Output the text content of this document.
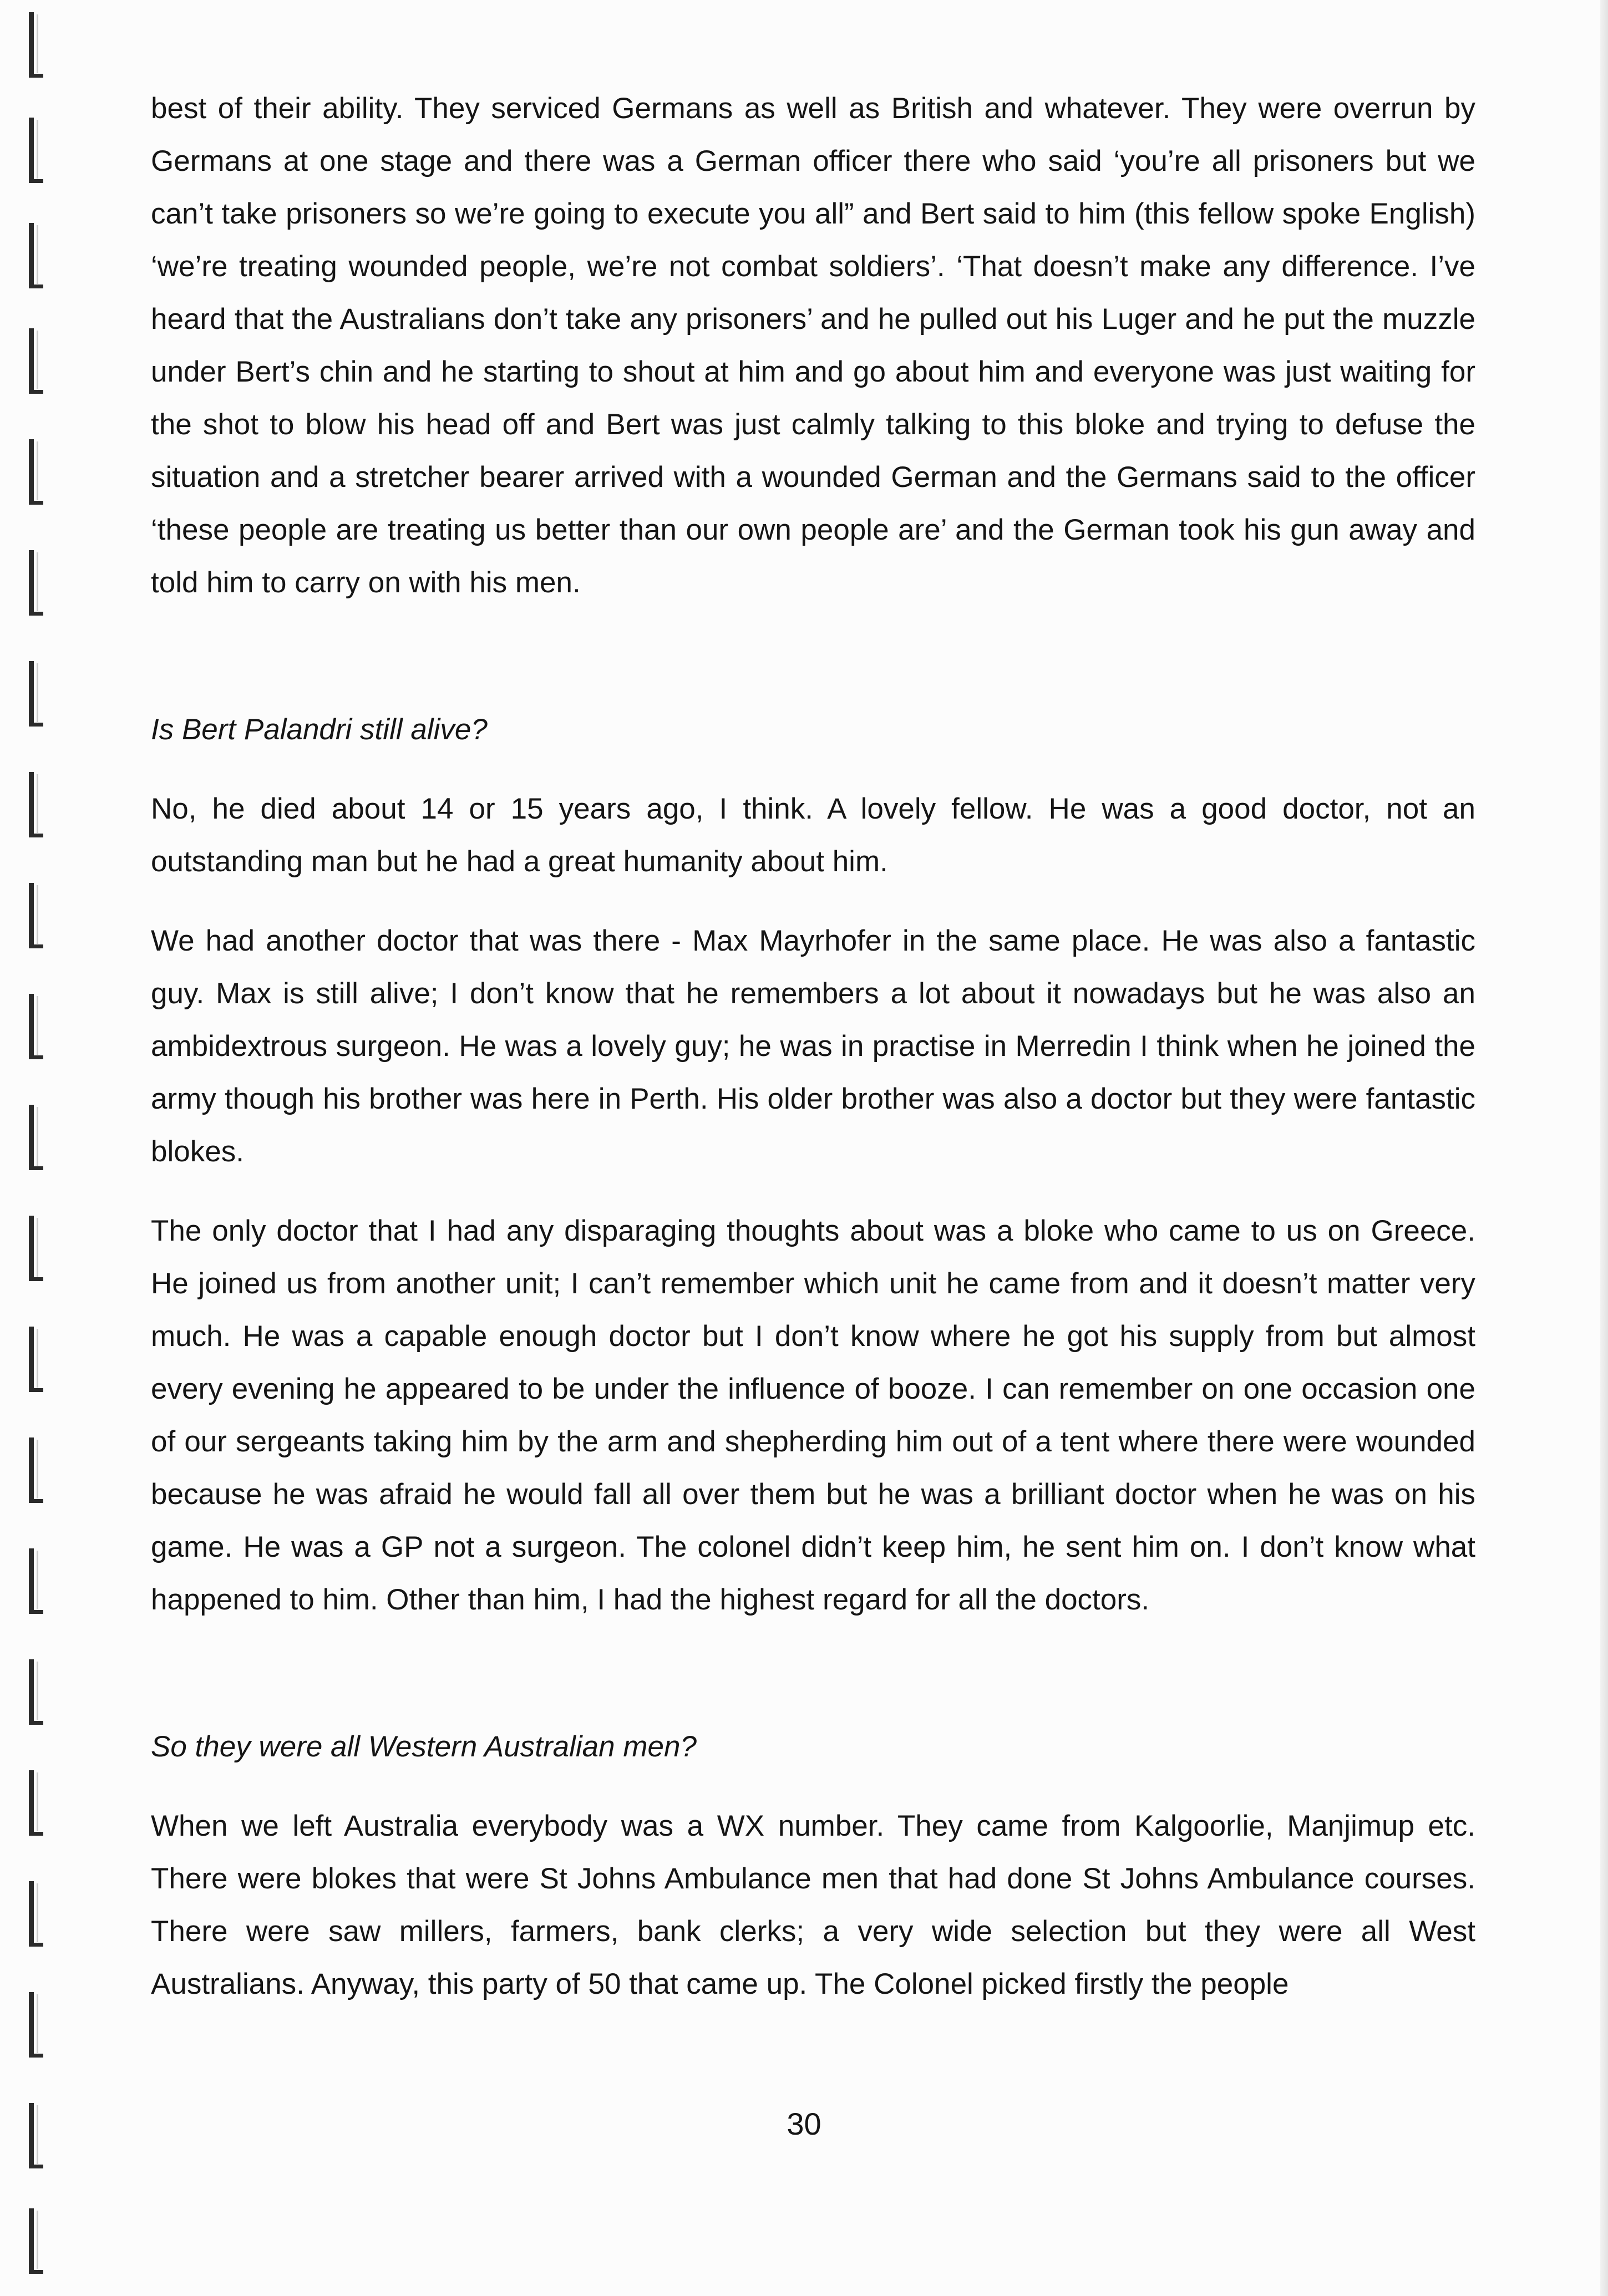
best of their ability. They serviced Germans as well as British and whatever. They were overrun by Germans at one stage and there was a German officer there who said ‘you’re all prisoners but we can’t take prisoners so we’re going to execute you all” and Bert said to him (this fellow spoke English) ‘we’re treating wounded people, we’re not combat soldiers’. ‘That doesn’t make any difference. I’ve heard that the Australians don’t take any prisoners’ and he pulled out his Luger and he put the muzzle under Bert’s chin and he starting to shout at him and go about him and everyone was just waiting for the shot to blow his head off and Bert was just calmly talking to this bloke and trying to defuse the situation and a stretcher bearer arrived with a wounded German and the Germans said to the officer ‘these people are treating us better than our own people are’ and the German took his gun away and told him to carry on with his men.

Is Bert Palandri still alive?

No, he died about 14 or 15 years ago, I think. A lovely fellow. He was a good doctor, not an outstanding man but he had a great humanity about him.

We had another doctor that was there - Max Mayrhofer in the same place. He was also a fantastic guy. Max is still alive; I don’t know that he remembers a lot about it nowadays but he was also an ambidextrous surgeon. He was a lovely guy; he was in practise in Merredin I think when he joined the army though his brother was here in Perth. His older brother was also a doctor but they were fantastic blokes.

The only doctor that I had any disparaging thoughts about was a bloke who came to us on Greece. He joined us from another unit; I can’t remember which unit he came from and it doesn’t matter very much. He was a capable enough doctor but I don’t know where he got his supply from but almost every evening he appeared to be under the influence of booze. I can remember on one occasion one of our sergeants taking him by the arm and shepherding him out of a tent where there were wounded because he was afraid he would fall all over them but he was a brilliant doctor when he was on his game. He was a GP not a surgeon. The colonel didn’t keep him, he sent him on. I don’t know what happened to him. Other than him, I had the highest regard for all the doctors.

So they were all Western Australian men?

When we left Australia everybody was a WX number. They came from Kalgoorlie, Manjimup etc. There were blokes that were St Johns Ambulance men that had done St Johns Ambulance courses. There were saw millers, farmers, bank clerks; a very wide selection but they were all West Australians. Anyway, this party of 50 that came up. The Colonel picked firstly the people

30
